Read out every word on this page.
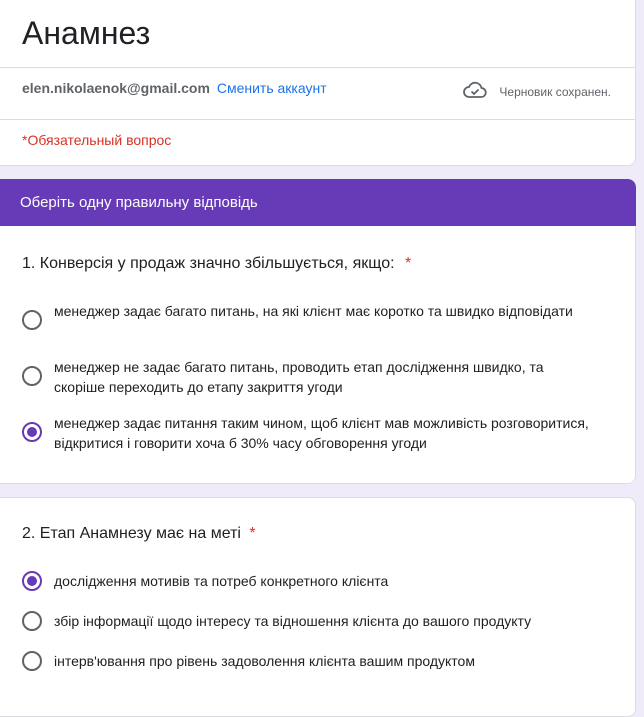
Анамнез
elen.nikolaenok@gmail.com Сменить аккаунт	Черновик сохранен.
*Обязательный вопрос
Оберіть одну правильну відповідь
1. Конверсія у продаж значно збільшується, якщо: *
менеджер задає багато питань, на які клієнт має коротко та швидко відповідати
менеджер не задає багато питань, проводить етап дослідження швидко, та скоріше переходить до етапу закриття угоди
менеджер задає питання таким чином, щоб клієнт мав можливість розговоритися, відкритися і говорити хоча б 30% часу обговорення угоди
2. Етап Анамнезу має на меті *
дослідження мотивів та потреб конкретного клієнта
збір інформації щодо інтересу та відношення клієнта до вашого продукту
інтерв'ювання про рівень задоволення клієнта вашим продуктом
